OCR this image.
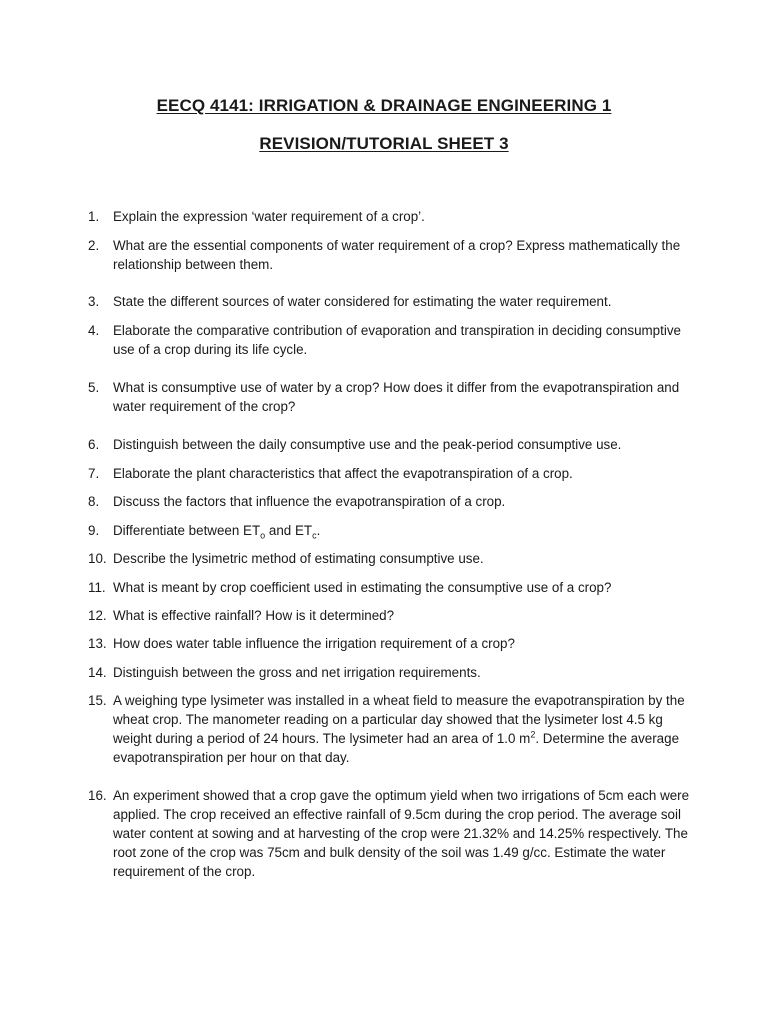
EECQ 4141: IRRIGATION & DRAINAGE ENGINEERING 1
REVISION/TUTORIAL SHEET 3
1.	Explain the expression ‘water requirement of a crop’.
2.	What are the essential components of water requirement of a crop? Express mathematically the relationship between them.
3.	State the different sources of water considered for estimating the water requirement.
4.	Elaborate the comparative contribution of evaporation and transpiration in deciding consumptive use of a crop during its life cycle.
5.	What is consumptive use of water by a crop? How does it differ from the evapotranspiration and water requirement of the crop?
6.	Distinguish between the daily consumptive use and the peak-period consumptive use.
7.	Elaborate the plant characteristics that affect the evapotranspiration of a crop.
8.	Discuss the factors that influence the evapotranspiration of a crop.
9.	Differentiate between $ET_o$ and $ET_c$.
10. Describe the lysimetric method of estimating consumptive use.
11. What is meant by crop coefficient used in estimating the consumptive use of a crop?
12. What is effective rainfall? How is it determined?
13. How does water table influence the irrigation requirement of a crop?
14. Distinguish between the gross and net irrigation requirements.
15. A weighing type lysimeter was installed in a wheat field to measure the evapotranspiration by the wheat crop. The manometer reading on a particular day showed that the lysimeter lost 4.5 kg weight during a period of 24 hours. The lysimeter had an area of 1.0 $m^2$. Determine the average evapotranspiration per hour on that day.
16. An experiment showed that a crop gave the optimum yield when two irrigations of 5cm each were applied. The crop received an effective rainfall of 9.5cm during the crop period. The average soil water content at sowing and at harvesting of the crop were 21.32% and 14.25% respectively. The root zone of the crop was 75cm and bulk density of the soil was 1.49 g/cc. Estimate the water requirement of the crop.
